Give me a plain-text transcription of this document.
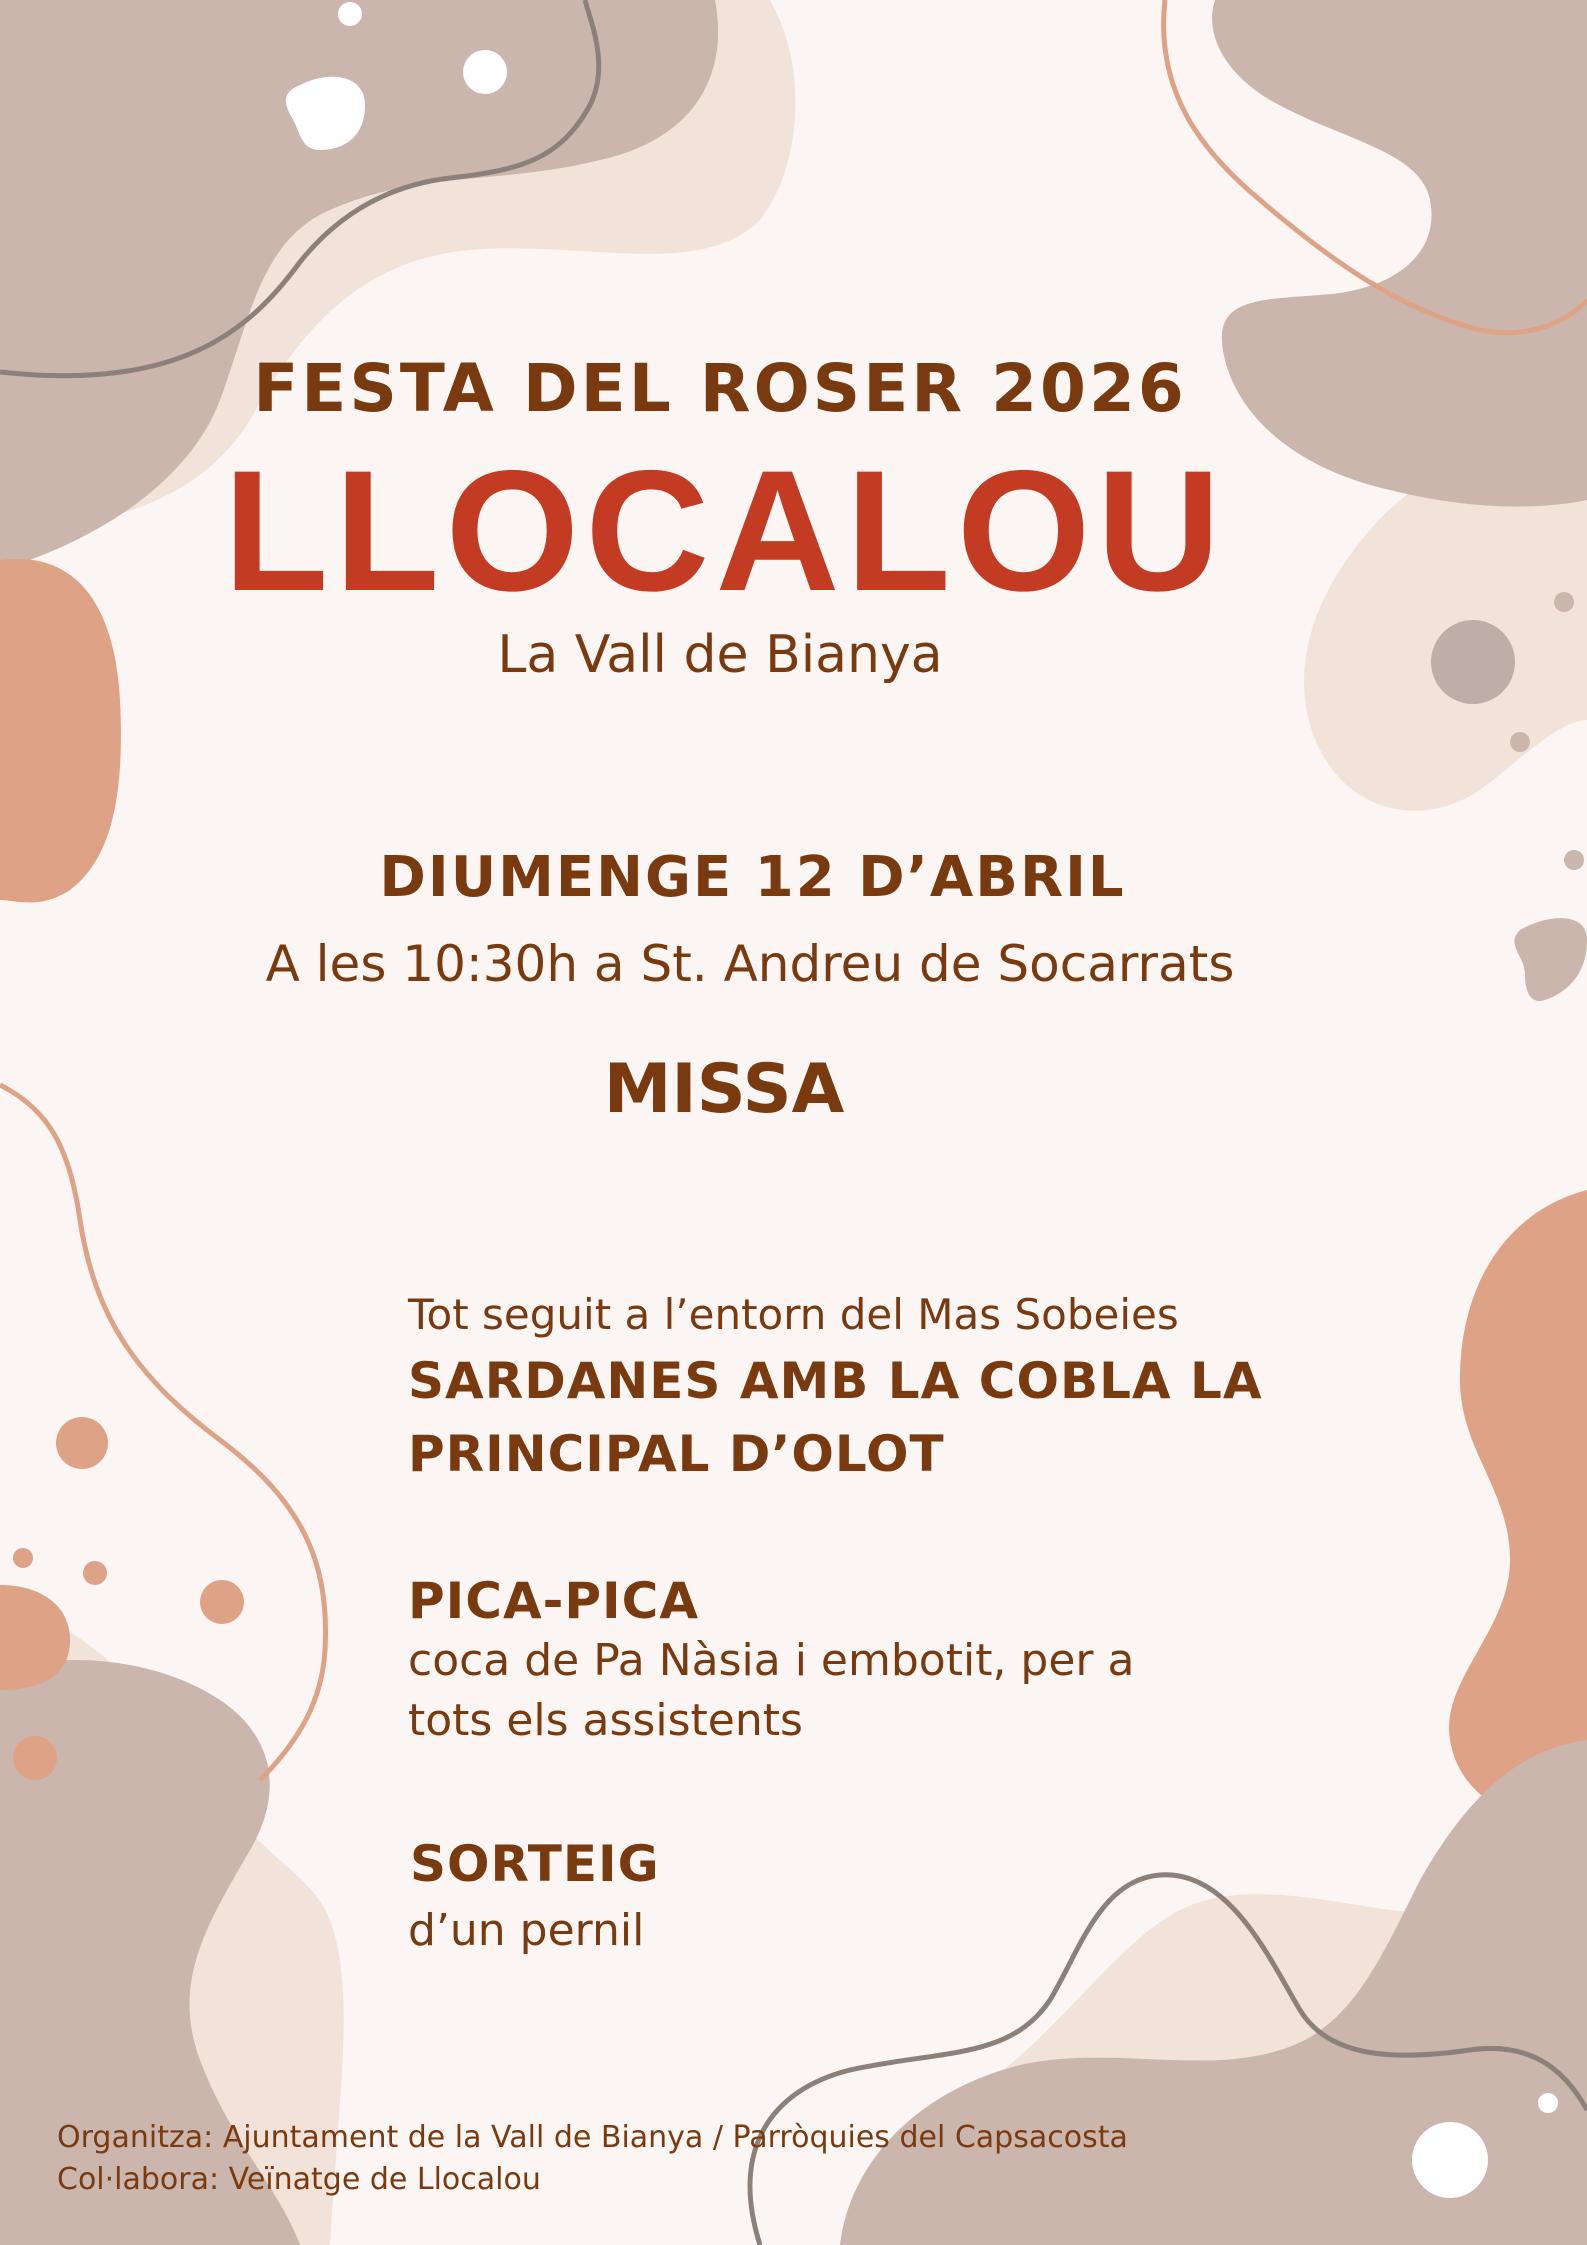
FESTA DEL ROSER 2026
LLOCALOU
La Vall de Bianya
DIUMENGE 12 D’ABRIL
A les 10:30h a St. Andreu de Socarrats
MISSA
Tot seguit a l’entorn del Mas Sobeies
SARDANES AMB LA COBLA LA
PRINCIPAL D’OLOT
PICA-PICA
coca de Pa Nàsia i embotit, per a
tots els assistents
SORTEIG
d’un pernil
Organitza: Ajuntament de la Vall de Bianya / Parròquies del Capsacosta
Col·labora: Veïnatge de Llocalou
